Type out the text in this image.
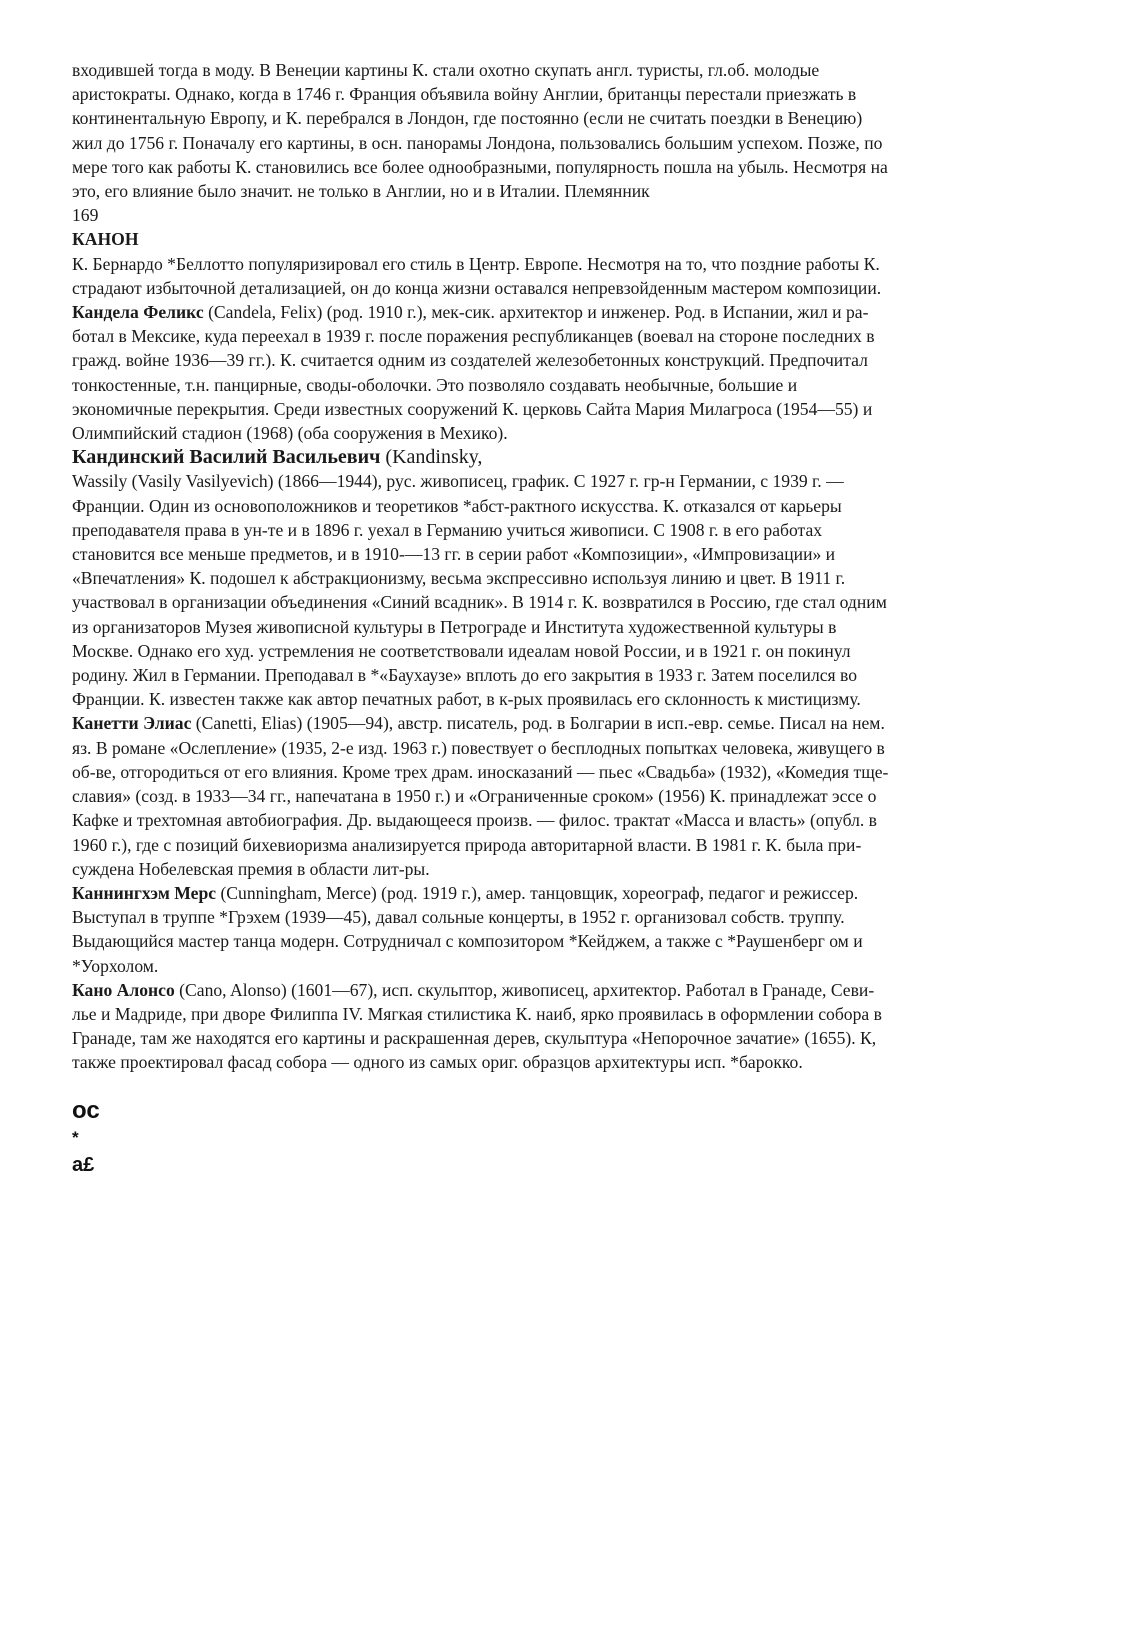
входившей тогда в моду. В Венеции картины К. стали охотно скупать англ. туристы, гл.об. молодые
аристократы. Однако, когда в 1746 г. Франция объявила войну Англии, британцы перестали приезжать в
континентальную Европу, и К. перебрался в Лондон, где постоянно (если не считать поездки в Венецию)
жил до 1756 г. Поначалу его картины, в осн. панорамы Лондона, пользовались большим успехом. Позже, по
мере того как работы К. становились все более однообразными, популярность пошла на убыль. Несмотря на
это, его влияние было значит. не только в Англии, но и в Италии. Племянник

169

КАНОН

К. Бернардо *Беллотто популяризировал его стиль в Центр. Европе. Несмотря на то, что поздние работы К.
страдают избыточной детализацией, он до конца жизни оставался непревзойденным мастером композиции.

Кандела Феликс (Candela, Felix) (род. 1910 г.), мек-сик. архитектор и инженер. Род. в Испании, жил и ра-
ботал в Мексике, куда переехал в 1939 г. после поражения республиканцев (воевал на стороне последних в
гражд. войне 1936—39 гг.). К. считается одним из создателей железобетонных конструкций. Предпочитал
тонкостенные, т.н. панцирные, своды-оболочки. Это позволяло создавать необычные, большие и
экономичные перекрытия. Среди известных сооружений К. церковь Сайта Мария Милагроса (1954—55) и
Олимпийский стадион (1968) (оба сооружения в Мехико).

Кандинский Василий Васильевич (Kandinsky,
Wassily (Vasily Vasilyevich) (1866—1944), рус. живописец, график. С 1927 г. гр-н Германии, с 1939 г. —
Франции. Один из основоположников и теоретиков *абст-рактного искусства. К. отказался от карьеры
преподавателя права в ун-те и в 1896 г. уехал в Германию учиться живописи. С 1908 г. в его работах
становится все меньше предметов, и в 1910-—13 гг. в серии работ «Композиции», «Импровизации» и
«Впечатления» К. подошел к абстракционизму, весьма экспрессивно используя линию и цвет. В 1911 г.
участвовал в организации объединения «Синий всадник». В 1914 г. К. возвратился в Россию, где стал одним
из организаторов Музея живописной культуры в Петрограде и Института художественной культуры в
Москве. Однако его худ. устремления не соответствовали идеалам новой России, и в 1921 г. он покинул
родину. Жил в Германии. Преподавал в *«Баухаузе» вплоть до его закрытия в 1933 г. Затем поселился во
Франции. К. известен также как автор печатных работ, в к-рых проявилась его склонность к мистицизму.

Канетти Элиас (Canetti, Elias) (1905—94), австр. писатель, род. в Болгарии в исп.-евр. семье. Писал на нем.
яз. В романе «Ослепление» (1935, 2-е изд. 1963 г.) повествует о бесплодных попытках человека, живущего в
об-ве, отгородиться от его влияния. Кроме трех драм. иносказаний — пьес «Свадьба» (1932), «Комедия тще-
славия» (созд. в 1933—34 гг., напечатана в 1950 г.) и «Ограниченные сроком» (1956) К. принадлежат эссе о
Кафке и трехтомная автобиография. Др. выдающееся произв. — филос. трактат «Масса и власть» (опубл. в
1960 г.), где с позиций бихевиоризма анализируется природа авторитарной власти. В 1981 г. К. была при-
суждена Нобелевская премия в области лит-ры.

Каннингхэм Мерс (Cunningham, Merce) (род. 1919 г.), амер. танцовщик, хореограф, педагог и режиссер.
Выступал в труппе *Грэхем (1939—45), давал сольные концерты, в 1952 г. организовал собств. труппу.
Выдающийся мастер танца модерн. Сотрудничал с композитором *Кейджем, а также с *Раушенберг ом и
*Уорхолом.

Кано Алонсо (Cano, Alonso) (1601—67), исп. скульптор, живописец, архитектор. Работал в Гранаде, Севи-
лье и Мадриде, при дворе Филиппа IV. Мягкая стилистика К. наиб, ярко проявилась в оформлении собора в
Гранаде, там же находятся его картины и раскрашенная дерев, скульптура «Непорочное зачатие» (1655). К,
также проектировал фасад собора — одного из самых ориг. образцов архитектуры исп. *барокко.

ос
*
а£
